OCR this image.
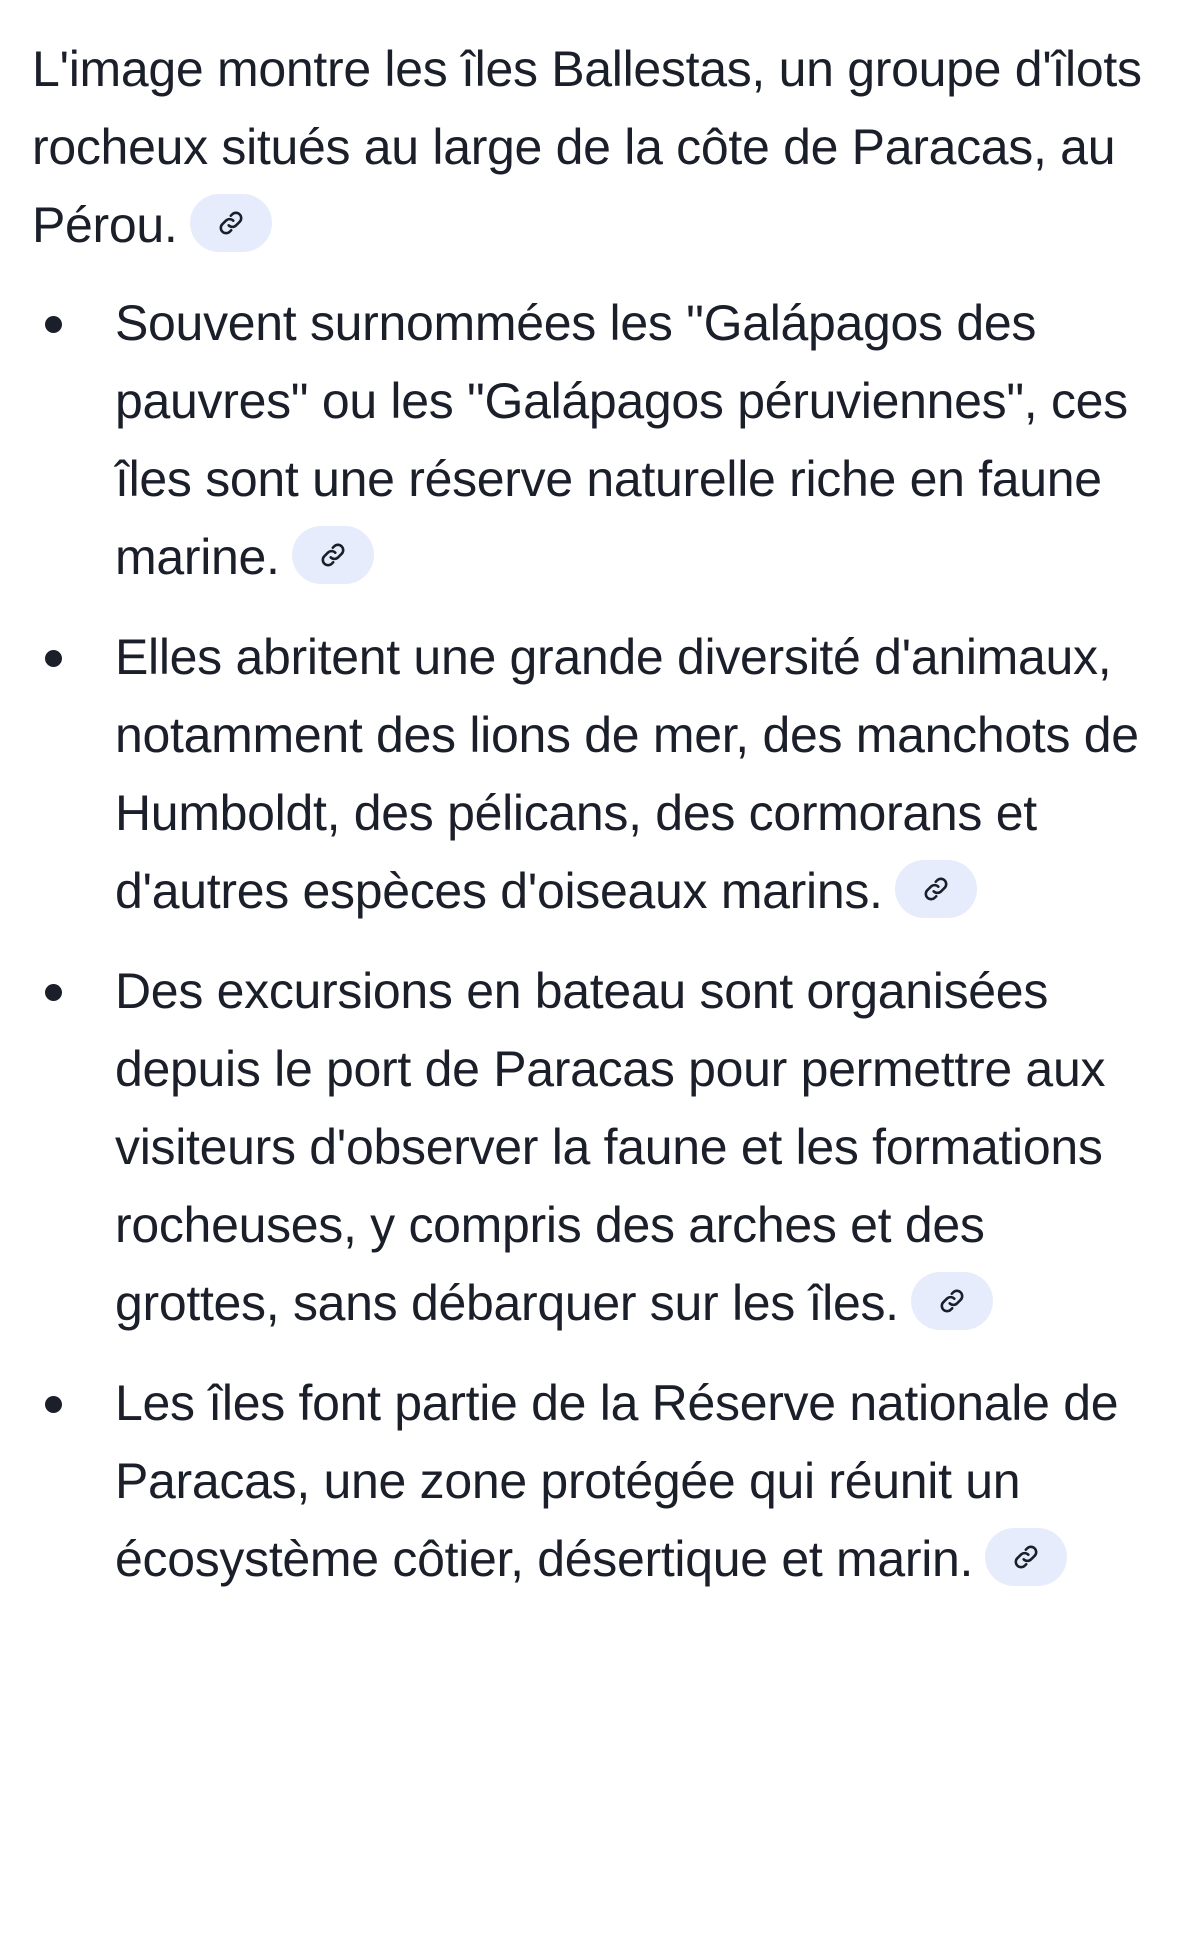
L'image montre les îles Ballestas, un groupe d'îlots rocheux situés au large de la côte de Paracas, au Pérou.

Souvent surnommées les "Galápagos des pauvres" ou les "Galápagos péruviennes", ces îles sont une réserve naturelle riche en faune marine.
Elles abritent une grande diversité d'animaux, notamment des lions de mer, des manchots de Humboldt, des pélicans, des cormorans et d'autres espèces d'oiseaux marins.
Des excursions en bateau sont organisées depuis le port de Paracas pour permettre aux visiteurs d'observer la faune et les formations rocheuses, y compris des arches et des grottes, sans débarquer sur les îles.
Les îles font partie de la Réserve nationale de Paracas, une zone protégée qui réunit un écosystème côtier, désertique et marin.
